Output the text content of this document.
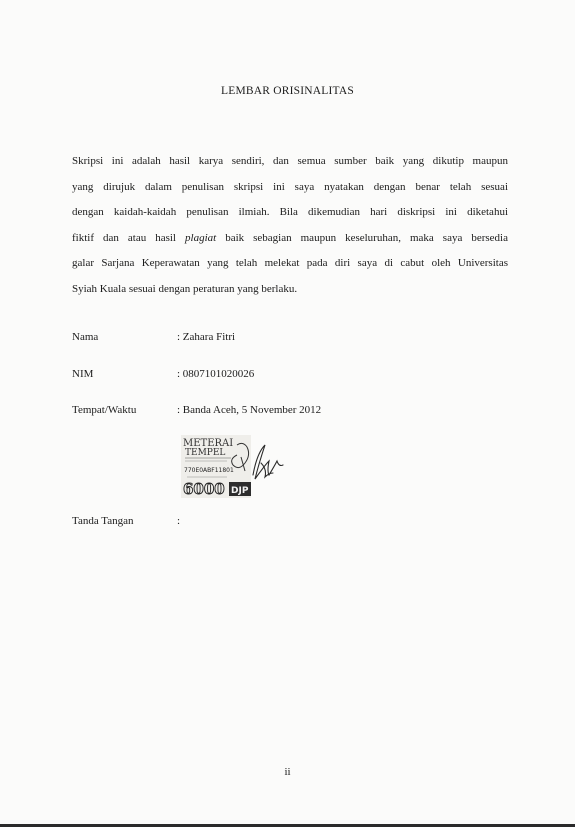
LEMBAR ORISINALITAS
Skripsi ini adalah hasil karya sendiri, dan semua sumber baik yang dikutip maupun
yang dirujuk dalam penulisan skripsi ini saya nyatakan dengan benar telah sesuai
dengan kaidah-kaidah penulisan ilmiah. Bila dikemudian hari diskripsi ini diketahui
fiktif dan atau hasil plagiat baik sebagian maupun keseluruhan, maka saya bersedia
galar Sarjana Keperawatan yang telah melekat pada diri saya di cabut oleh Universitas
Syiah Kuala sesuai dengan peraturan yang berlaku.
Nama	: Zahara Fitri
NIM	: 0807101020026
Tempat/Waktu	: Banda Aceh, 5 November 2012
Tanda Tangan	:
METERAI
TEMPEL
770E0ABF11801
6000 DJP
ii
